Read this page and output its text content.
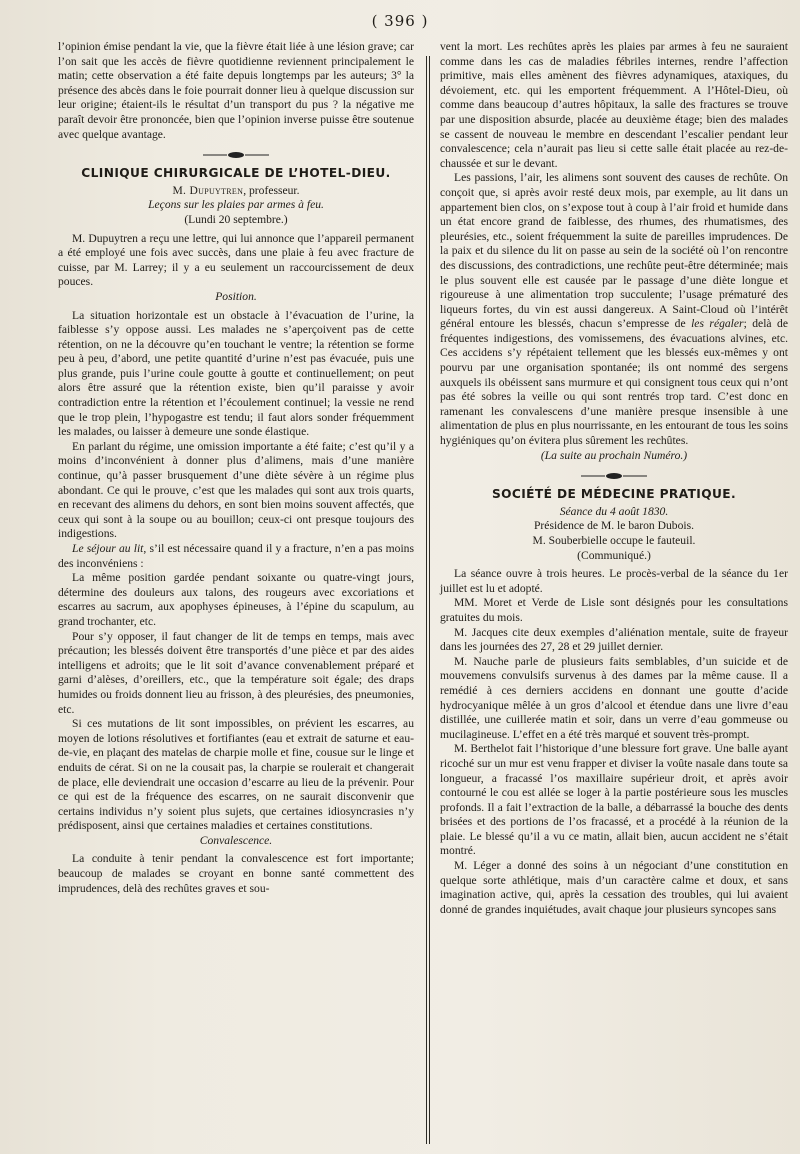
( 396 )

l’opinion émise pendant la vie, que la fièvre était liée à une lésion grave; car l’on sait que les accès de fièvre quotidienne reviennent principalement le matin; cette observation a été faite depuis longtemps par les auteurs; 3° la présence des abcès dans le foie pourrait donner lieu à quelque discussion sur leur origine; étaient-ils le résultat d’un transport du pus ? la négative me paraît devoir être prononcée, bien que l’opinion inverse puisse être soutenue avec quelque avantage.

CLINIQUE CHIRURGICALE DE L’HOTEL-DIEU.

M. Dupuytren, professeur.

Leçons sur les plaies par armes à feu.

(Lundi 20 septembre.)

M. Dupuytren a reçu une lettre, qui lui annonce que l’appareil permanent a été employé une fois avec succès, dans une plaie à feu avec fracture de cuisse, par M. Larrey; il y a eu seulement un raccourcissement de deux pouces.

Position.

La situation horizontale est un obstacle à l’évacuation de l’urine, la faiblesse s’y oppose aussi. Les malades ne s’aperçoivent pas de cette rétention, on ne la découvre qu’en touchant le ventre; la rétention se forme peu à peu, d’abord, une petite quantité d’urine n’est pas évacuée, puis une plus grande, puis l’urine coule goutte à goutte et continuellement; on peut alors être assuré que la rétention existe, bien qu’il paraisse y avoir contradiction entre la rétention et l’écoulement continuel; la vessie ne rend que le trop plein, l’hypogastre est tendu; il faut alors sonder fréquemment les malades, ou laisser à demeure une sonde élastique.

En parlant du régime, une omission importante a été faite; c’est qu’il y a moins d’inconvénient à donner plus d’alimens, mais d’une manière continue, qu’à passer brusquement d’une diète sévère à un régime plus abondant. Ce qui le prouve, c’est que les malades qui sont aux trois quarts, en recevant des alimens du dehors, en sont bien moins souvent affectés, que ceux qui sont à la soupe ou au bouillon; ceux-ci ont presque toujours des indigestions.

Le séjour au lit, s’il est nécessaire quand il y a fracture, n’en a pas moins des inconvéniens :

La même position gardée pendant soixante ou quatre-vingt jours, détermine des douleurs aux talons, des rougeurs avec excoriations et escarres au sacrum, aux apophyses épineuses, à l’épine du scapulum, au grand trochanter, etc.

Pour s’y opposer, il faut changer de lit de temps en temps, mais avec précaution; les blessés doivent être transportés d’une pièce et par des aides intelligens et adroits; que le lit soit d’avance convenablement préparé et garni d’alèses, d’oreillers, etc., que la température soit égale; des draps humides ou froids donnent lieu au frisson, à des pleurésies, des pneumonies, etc.

Si ces mutations de lit sont impossibles, on prévient les escarres, au moyen de lotions résolutives et fortifiantes (eau et extrait de saturne et eau-de-vie, en plaçant des matelas de charpie molle et fine, cousue sur le linge et enduits de cérat. Si on ne la cousait pas, la charpie se roulerait et changerait de place, elle deviendrait une occasion d’escarre au lieu de la prévenir. Pour ce qui est de la fréquence des escarres, on ne saurait disconvenir que certains individus n’y soient plus sujets, que certaines idiosyncrasies n’y prédisposent, ainsi que certaines maladies et certaines constitutions.

Convalescence.

La conduite à tenir pendant la convalescence est fort importante; beaucoup de malades se croyant en bonne santé commettent des imprudences, delà des rechûtes graves et sou-

vent la mort. Les rechûtes après les plaies par armes à feu ne sauraient comme dans les cas de maladies fébriles internes, rendre l’affection primitive, mais elles amènent des fièvres adynamiques, ataxiques, du dévoiement, etc. qui les emportent fréquemment. A l’Hôtel-Dieu, où comme dans beaucoup d’autres hôpitaux, la salle des fractures se trouve par une disposition absurde, placée au deuxième étage; bien des malades se cassent de nouveau le membre en descendant l’escalier pendant leur convalescence; cela n’aurait pas lieu si cette salle était placée au rez-de-chaussée et sur le devant.

Les passions, l’air, les alimens sont souvent des causes de rechûte. On conçoit que, si après avoir resté deux mois, par exemple, au lit dans un appartement bien clos, on s’expose tout à coup à l’air froid et humide dans un état encore grand de faiblesse, des rhumes, des rhumatismes, des pleurésies, etc., soient fréquemment la suite de pareilles imprudences. De la paix et du silence du lit on passe au sein de la société où l’on rencontre des discussions, des contradictions, une rechûte peut-être déterminée; mais le plus souvent elle est causée par le passage d’une diète longue et rigoureuse à une alimentation trop succulente; l’usage prématuré des liqueurs fortes, du vin est aussi dangereux. A Saint-Cloud où l’intérêt général entoure les blessés, chacun s’empresse de les régaler; delà de fréquentes indigestions, des vomissemens, des évacuations alvines, etc. Ces accidens s’y répétaient tellement que les blessés eux-mêmes y ont pourvu par une organisation spontanée; ils ont nommé des sergens auxquels ils obéissent sans murmure et qui consignent tous ceux qui n’ont pas été sobres la veille ou qui sont rentrés trop tard. C’est donc en ramenant les convalescens d’une manière presque insensible à une alimentation de plus en plus nourrissante, en les entourant de tous les soins hygiéniques qu’on évitera plus sûrement les rechûtes.

(La suite au prochain Numéro.)

SOCIÉTÉ DE MÉDECINE PRATIQUE.

Séance du 4 août 1830.

Présidence de M. le baron Dubois.

M. Souberbielle occupe le fauteuil.

(Communiqué.)

La séance ouvre à trois heures. Le procès-verbal de la séance du 1er juillet est lu et adopté.

MM. Moret et Verde de Lisle sont désignés pour les consultations gratuites du mois.

M. Jacques cite deux exemples d’aliénation mentale, suite de frayeur dans les journées des 27, 28 et 29 juillet dernier.

M. Nauche parle de plusieurs faits semblables, d’un suicide et de mouvemens convulsifs survenus à des dames par la même cause. Il a remédié à ces derniers accidens en donnant une goutte d’acide hydrocyanique mêlée à un gros d’alcool et étendue dans une livre d’eau distillée, une cuillerée matin et soir, dans un verre d’eau gommeuse ou mucilagineuse. L’effet en a été très marqué et souvent très-prompt.

M. Berthelot fait l’historique d’une blessure fort grave. Une balle ayant ricoché sur un mur est venu frapper et diviser la voûte nasale dans toute sa longueur, a fracassé l’os maxillaire supérieur droit, et après avoir contourné le cou est allée se loger à la partie postérieure sous les muscles profonds. Il a fait l’extraction de la balle, a débarrassé la bouche des dents brisées et des portions de l’os fracassé, et a procédé à la réunion de la plaie. Le blessé qu’il a vu ce matin, allait bien, aucun accident ne s’était montré.

M. Léger a donné des soins à un négociant d’une constitution en quelque sorte athlétique, mais d’un caractère calme et doux, et sans imagination active, qui, après la cessation des troubles, qui lui avaient donné de grandes inquiétudes, avait chaque jour plusieurs syncopes sans
